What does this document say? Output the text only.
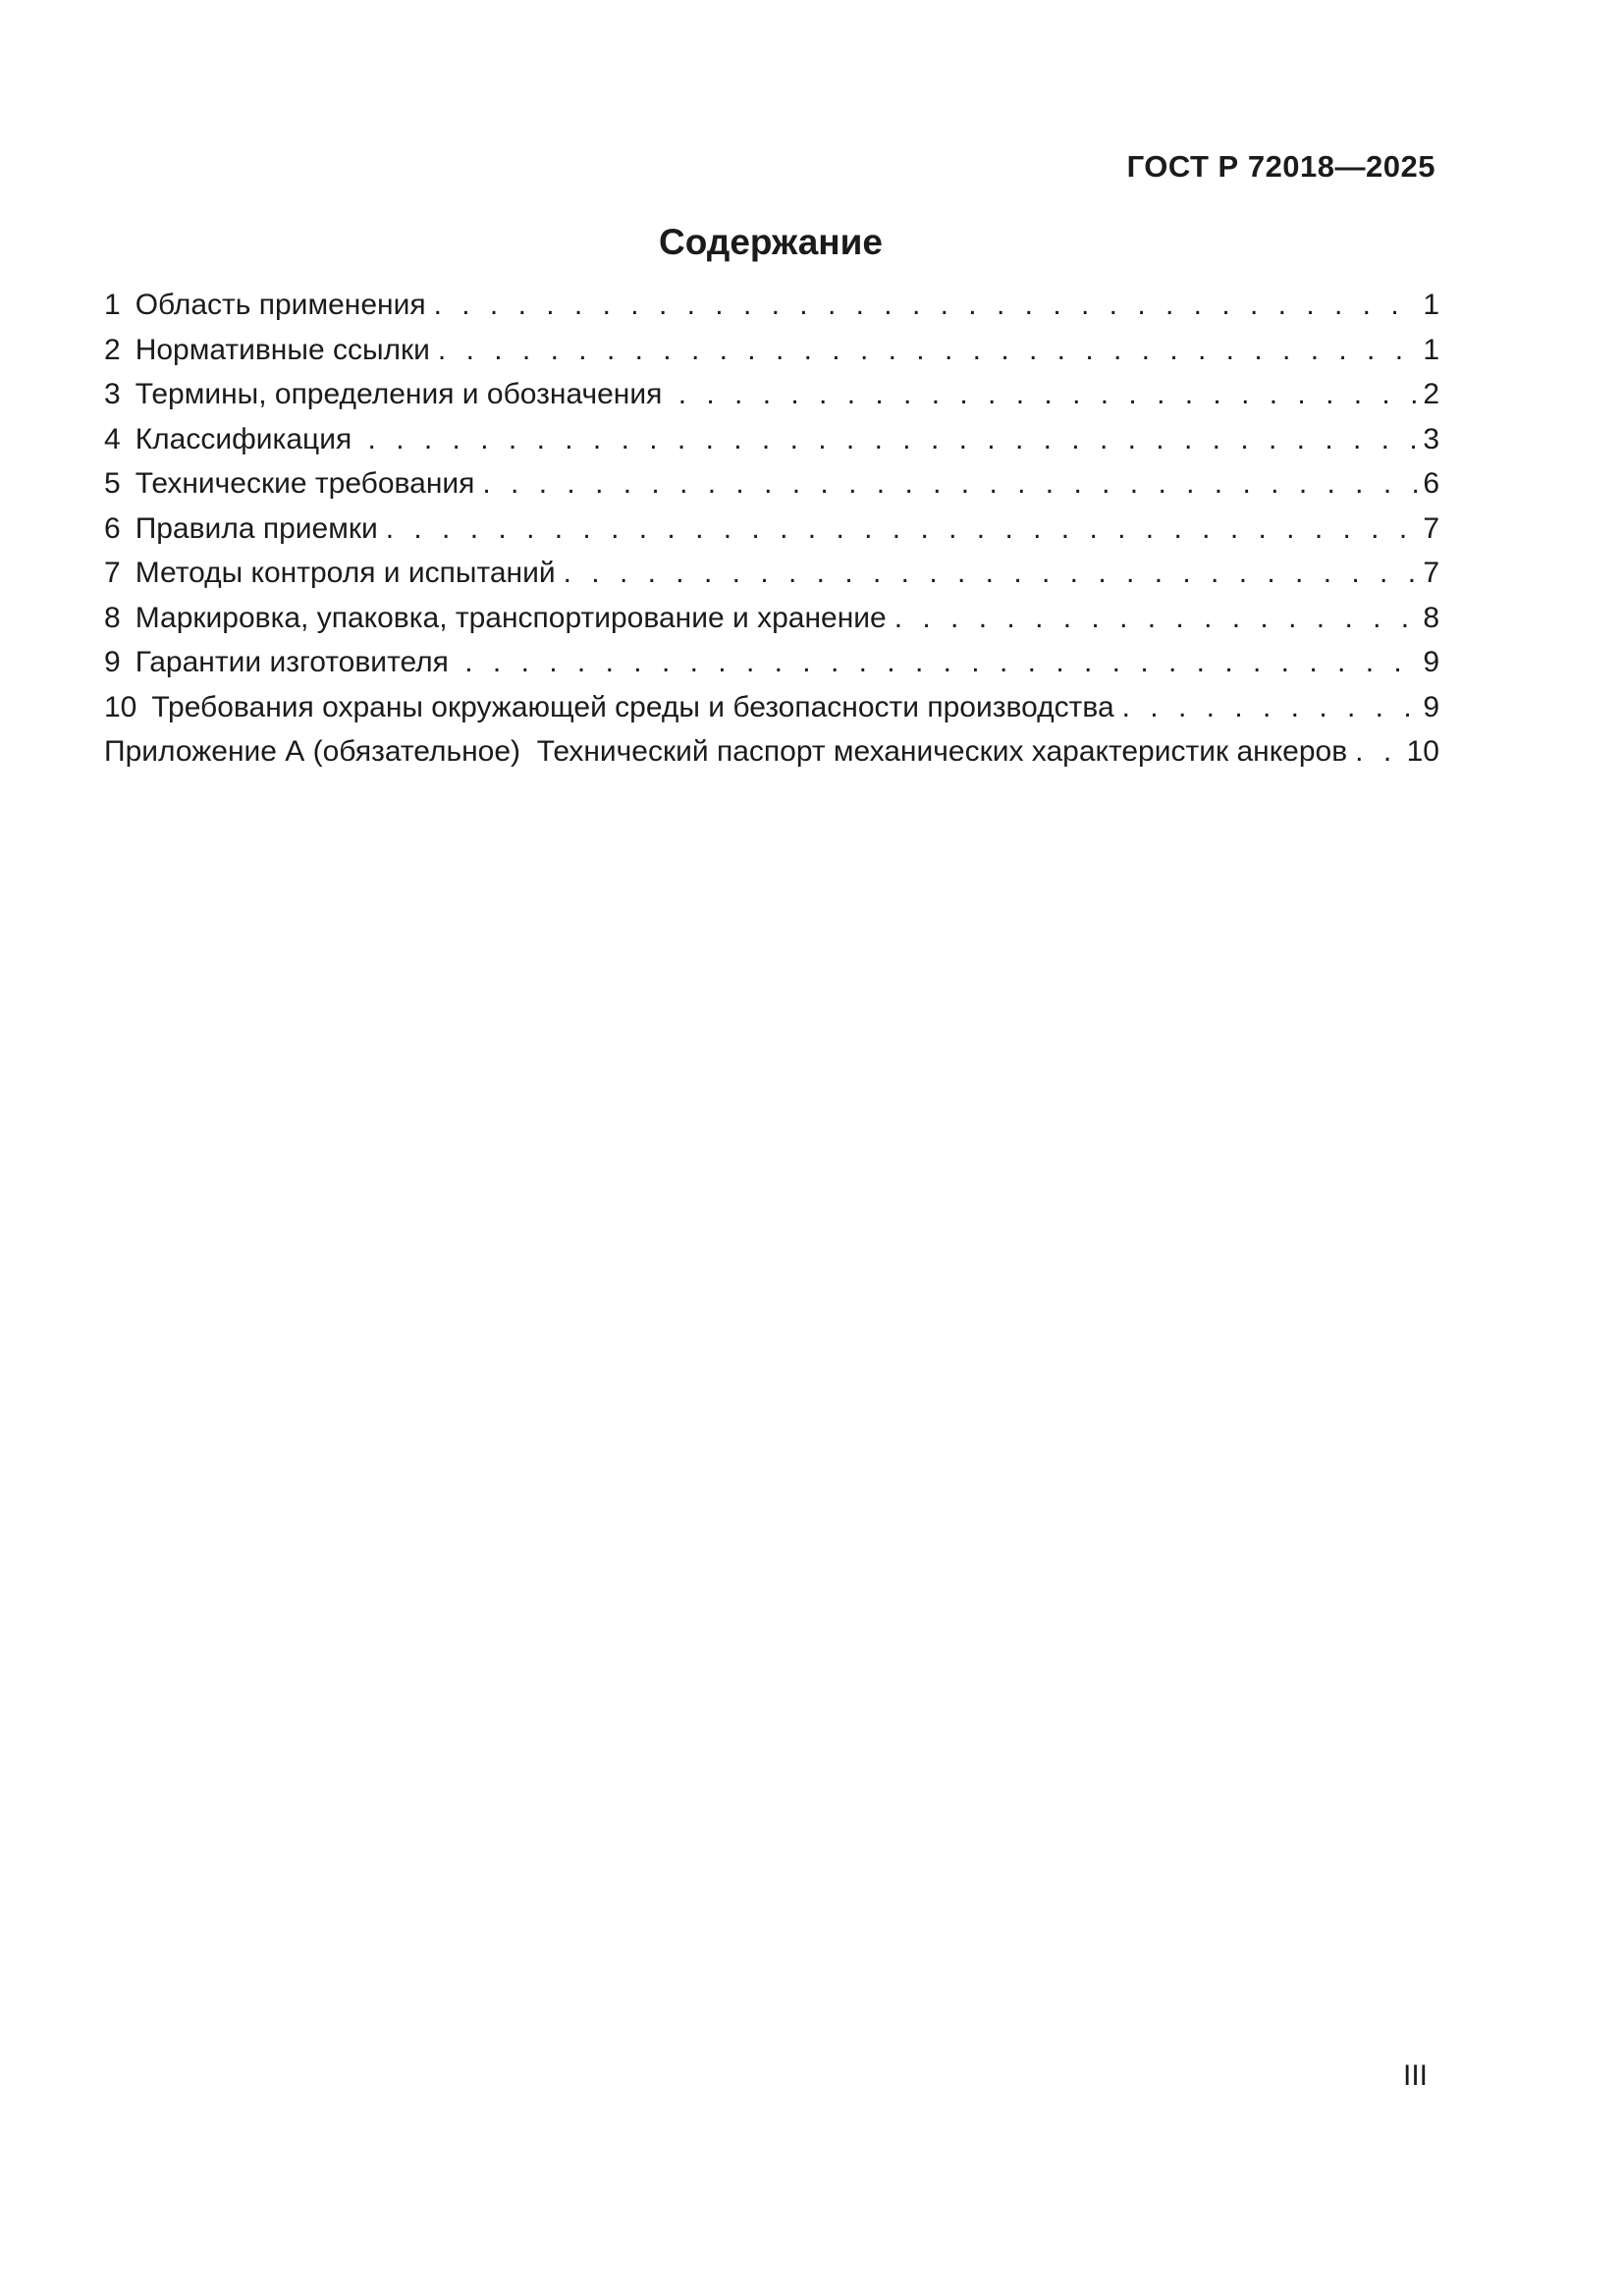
ГОСТ Р 72018—2025
Содержание
1 Область применения . . .	1
2 Нормативные ссылки . . .	1
3 Термины, определения и обозначения . . .	2
4 Классификация . . .	3
5 Технические требования . . .	6
6 Правила приемки . . .	7
7 Методы контроля и испытаний . . .	7
8 Маркировка, упаковка, транспортирование и хранение . . .	8
9 Гарантии изготовителя . . .	9
10 Требования охраны окружающей среды и безопасности производства . . .	9
Приложение А (обязательное)  Технический паспорт механических характеристик анкеров . . . 10
III
